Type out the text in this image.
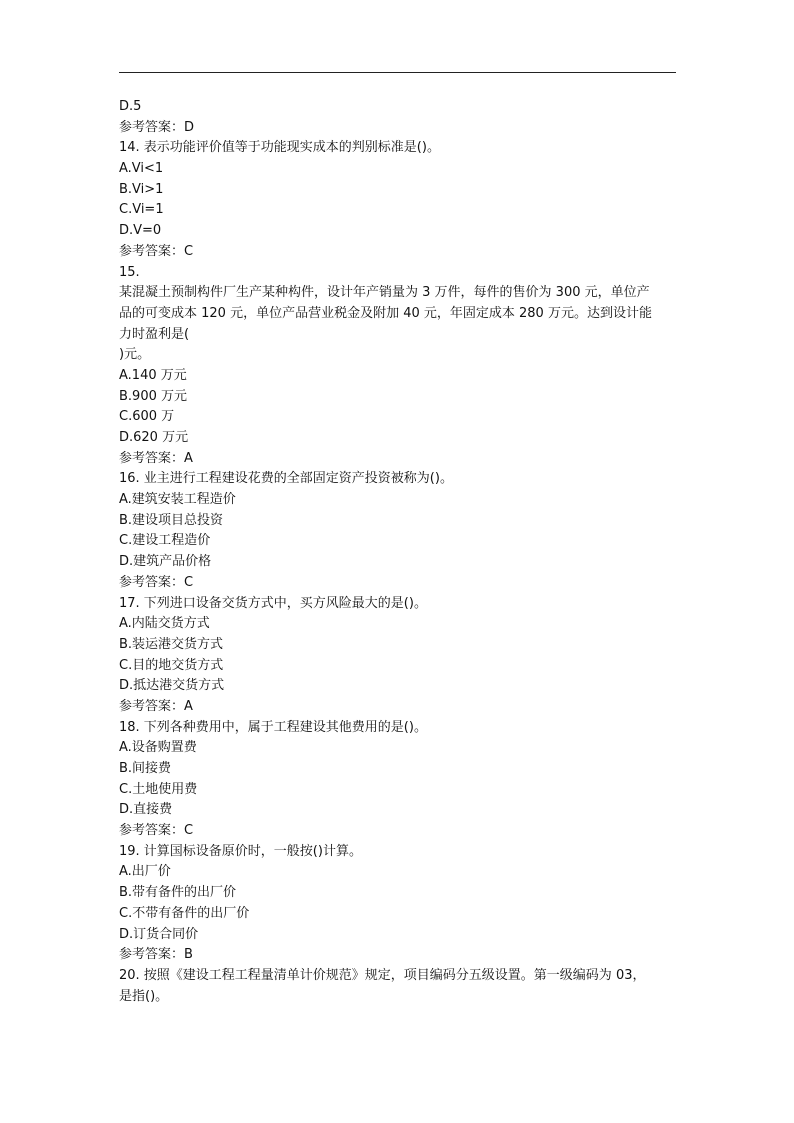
D.5
参考答案：D
14. 表示功能评价值等于功能现实成本的判别标准是()。
A.Vi<1
B.Vi>1
C.Vi=1
D.V=0
参考答案：C
15.
某混凝土预制构件厂生产某种构件，设计年产销量为 3 万件，每件的售价为 300 元，单位产
品的可变成本 120 元，单位产品营业税金及附加 40 元，年固定成本 280 万元。达到设计能
力时盈利是(
)元。
A.140 万元
B.900 万元
C.600 万
D.620 万元
参考答案：A
16. 业主进行工程建设花费的全部固定资产投资被称为()。
A.建筑安装工程造价
B.建设项目总投资
C.建设工程造价
D.建筑产品价格
参考答案：C
17. 下列进口设备交货方式中，买方风险最大的是()。
A.内陆交货方式
B.装运港交货方式
C.目的地交货方式
D.抵达港交货方式
参考答案：A
18. 下列各种费用中，属于工程建设其他费用的是()。
A.设备购置费
B.间接费
C.土地使用费
D.直接费
参考答案：C
19. 计算国标设备原价时，一般按()计算。
A.出厂价
B.带有备件的出厂价
C.不带有备件的出厂价
D.订货合同价
参考答案：B
20. 按照《建设工程工程量清单计价规范》规定，项目编码分五级设置。第一级编码为 03，
是指()。
